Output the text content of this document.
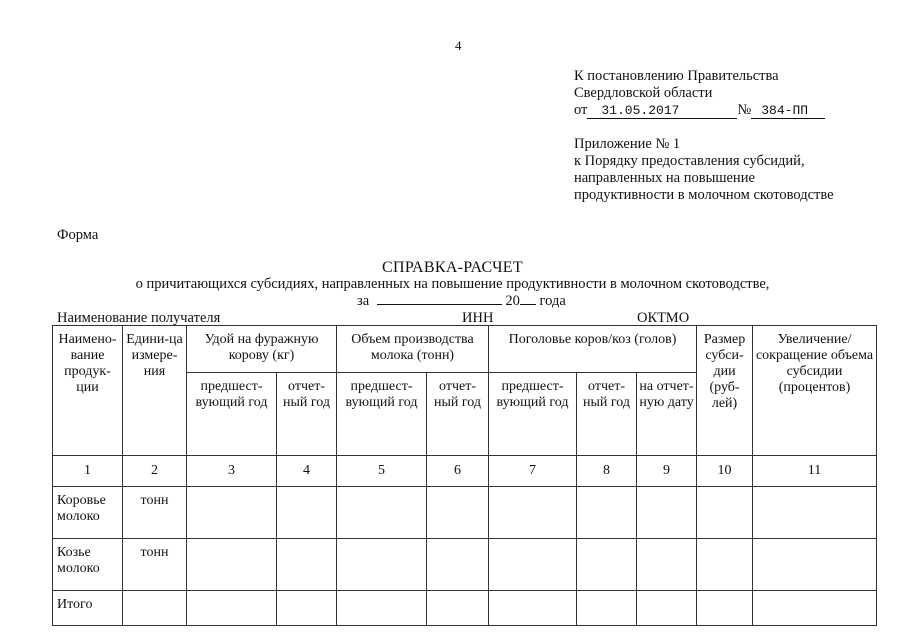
4
К постановлению Правительства
Свердловской области
от 31.05.2017	№ 384-ПП
Приложение № 1
к Порядку предоставления субсидий,
направленных на повышение
продуктивности в молочном скотоводстве
Форма
СПРАВКА-РАСЧЕТ
о причитающихся субсидиях, направленных на повышение продуктивности в молочном скотоводстве,
за	20 года
Наименование получателя	ИНН	ОКТМО
Наимено-вание продук-ции	Едини-ца измере-ния	Удой на фуражную корову (кг)		Объем производства молока (тонн)		Поголовье коров/коз (голов)			Размер субси-дии (руб-лей)	Увеличение/ сокращение объема субсидии (процентов)
		предшест-вующий год	отчет-ный год	предшест-вующий год	отчет-ный год	предшест-вующий год	отчет-ный год	на отчет-ную дату		
1	2	3	4	5	6	7	8	9	10	11
Коровье молоко	тонн									
Козье молоко	тонн									
Итого										
